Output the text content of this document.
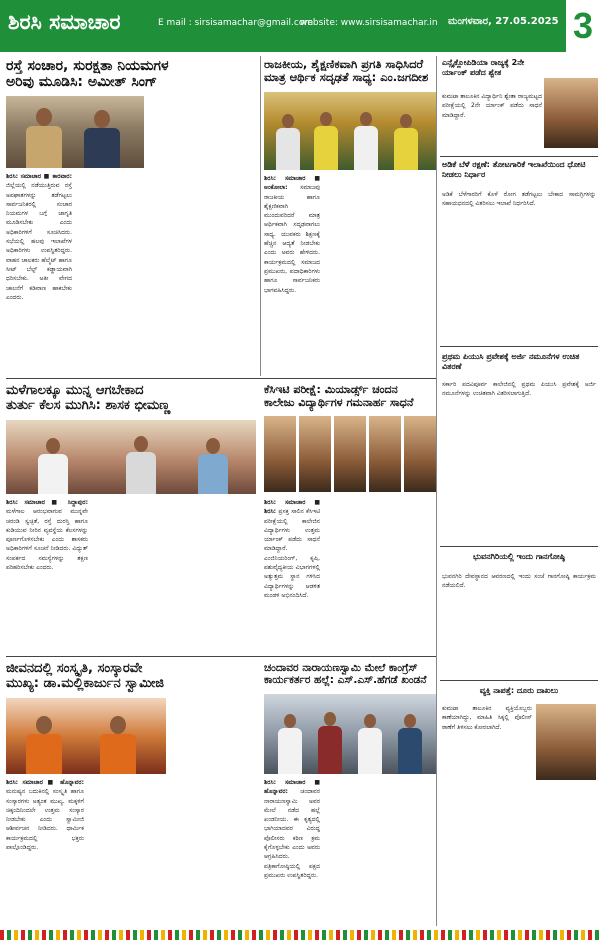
ಶಿರಸಿ ಸಮಾಚಾರ	E mail : sirsisamachar@gmail.com
website: www.sirsisamachar.in ಮಂಗಳವಾರ, 27.05.2025 3
ರಸ್ತೆ ಸಂಚಾರ, ಸುರಕ್ಷತಾ ನಿಯಮಗಳ
ಅರಿವು ಮೂಡಿಸಿ: ಅಮೀತ್ ಸಿಂಗ್
ಶಿರಸಿ: ಸಮಾಚಾರ ■ ಕಾರವಾರ: ಜಿಲ್ಲೆಯಲ್ಲಿ ನಡೆಯುತ್ತಿರುವ ರಸ್ತೆ ಅಪಘಾತಗಳನ್ನು ತಡೆಗಟ್ಟಲು ಸಾರ್ವಜನಿಕರಲ್ಲಿ ಸಂಚಾರ ನಿಯಮಗಳ ಬಗ್ಗೆ ಜಾಗೃತಿ ಮೂಡಿಸಬೇಕು ಎಂದು ಅಧಿಕಾರಿಗಳಿಗೆ ಸೂಚಿಸಿದರು. ಸಭೆಯಲ್ಲಿ ಹಲವು ಇಲಾಖೆಗಳ ಅಧಿಕಾರಿಗಳು ಉಪಸ್ಥಿತರಿದ್ದರು. ವಾಹನ ಚಾಲಕರು ಹೆಲ್ಮೆಟ್ ಹಾಗೂ ಸೀಟ್ ಬೆಲ್ಟ್ ಕಡ್ಡಾಯವಾಗಿ ಧರಿಸಬೇಕು. ಅತೀ ವೇಗದ ಚಾಲನೆಗೆ ಕಡಿವಾಣ ಹಾಕಬೇಕು ಎಂದರು.
ರಾಜಕೀಯ, ಶೈಕ್ಷಣಿಕವಾಗಿ ಪ್ರಗತಿ ಸಾಧಿಸಿದರೆ ಮಾತ್ರ ಆರ್ಥಿಕ ಸದೃಢತೆ ಸಾಧ್ಯ: ಎಂ.ಜಗದೀಶ
ಶಿರಸಿ: ಸಮಾಚಾರ ■ ಅಂಕೋಲಾ: ಸಮಾಜವು ರಾಜಕೀಯ ಹಾಗೂ ಶೈಕ್ಷಣಿಕವಾಗಿ ಮುಂದುವರಿದರೆ ಮಾತ್ರ ಆರ್ಥಿಕವಾಗಿ ಸದೃಢವಾಗಲು ಸಾಧ್ಯ. ಯುವಕರು ಶಿಕ್ಷಣಕ್ಕೆ ಹೆಚ್ಚಿನ ಆದ್ಯತೆ ನೀಡಬೇಕು ಎಂದು ಅವರು ಹೇಳಿದರು. ಕಾರ್ಯಕ್ರಮದಲ್ಲಿ ಸಮಾಜದ ಪ್ರಮುಖರು, ಪದಾಧಿಕಾರಿಗಳು ಹಾಗೂ ಸಾರ್ವಜನಿಕರು ಭಾಗವಹಿಸಿದ್ದರು.
ಮಳೆಗಾಲಕ್ಕೂ ಮುನ್ನ ಆಗಬೇಕಾದ
ತುರ್ತು ಕೆಲಸ ಮುಗಿಸಿ: ಶಾಸಕ ಭೀಮಣ್ಣ
ಶಿರಸಿ: ಸಮಾಚಾರ ■ ಸಿದ್ದಾಪುರ: ಮಳೆಗಾಲ ಆರಂಭವಾಗುವ ಮುನ್ನವೇ ಚರಂಡಿ ಸ್ವಚ್ಛತೆ, ರಸ್ತೆ ದುರಸ್ತಿ ಹಾಗೂ ಕುಡಿಯುವ ನೀರಿನ ವ್ಯವಸ್ಥೆಯ ಕೆಲಸಗಳನ್ನು ಪೂರ್ಣಗೊಳಿಸಬೇಕು ಎಂದು ಶಾಸಕರು ಅಧಿಕಾರಿಗಳಿಗೆ ಸೂಚನೆ ನೀಡಿದರು. ವಿದ್ಯುತ್ ಸಂಪರ್ಕದ ಸಮಸ್ಯೆಗಳನ್ನು ತಕ್ಷಣ ಪರಿಹರಿಸಬೇಕು ಎಂದರು.
ಕೆಸಿಇಟಿ ಪರೀಕ್ಷೆ: ಮಿಯಾರ್ಡ್ಸ್ ಚಂದನ
ಕಾಲೇಜು ವಿದ್ಯಾರ್ಥಿಗಳ ಗಮನಾರ್ಹ ಸಾಧನೆ
ಶಿರಸಿ: ಸಮಾಚಾರ ■ ಶಿರಸಿ: ಪ್ರಸಕ್ತ ಸಾಲಿನ ಕೆಸಿಇಟಿ ಪರೀಕ್ಷೆಯಲ್ಲಿ ಕಾಲೇಜಿನ ವಿದ್ಯಾರ್ಥಿಗಳು ಉತ್ತಮ ರ್ಯಾಂಕ್ ಪಡೆದು ಸಾಧನೆ ಮಾಡಿದ್ದಾರೆ. ಎಂಜಿನಿಯರಿಂಗ್, ಕೃಷಿ, ಪಶುವೈದ್ಯಕೀಯ ವಿಭಾಗಗಳಲ್ಲಿ ಅತ್ಯುತ್ತಮ ಸ್ಥಾನ ಗಳಿಸಿದ ವಿದ್ಯಾರ್ಥಿಗಳನ್ನು ಆಡಳಿತ ಮಂಡಳಿ ಅಭಿನಂದಿಸಿದೆ.
ಜೀವನದಲ್ಲಿ ಸಂಸ್ಕೃತಿ, ಸಂಸ್ಕಾರವೇ
ಮುಖ್ಯ: ಡಾ.ಮಲ್ಲಿಕಾರ್ಜುನ ಸ್ವಾಮೀಜಿ
ಶಿರಸಿ: ಸಮಾಚಾರ ■ ಹೊನ್ನಾವರ: ಮನುಷ್ಯನ ಬದುಕಿನಲ್ಲಿ ಸಂಸ್ಕೃತಿ ಹಾಗೂ ಸಂಸ್ಕಾರಗಳು ಅತ್ಯಂತ ಮುಖ್ಯ. ಮಕ್ಕಳಿಗೆ ಚಿಕ್ಕಂದಿನಿಂದಲೇ ಉತ್ತಮ ಸಂಸ್ಕಾರ ನೀಡಬೇಕು ಎಂದು ಸ್ವಾಮೀಜಿ ಆಶೀರ್ವಚನ ನೀಡಿದರು. ಧಾರ್ಮಿಕ ಕಾರ್ಯಕ್ರಮದಲ್ಲಿ ಭಕ್ತರು ಪಾಲ್ಗೊಂಡಿದ್ದರು.
ಚಂದಾವರ ನಾರಾಯಣಸ್ವಾಮಿ ಮೇಲೆ ಕಾಂಗ್ರೆಸ್
ಕಾರ್ಯಕರ್ತರ ಹಲ್ಲೆ: ಎಸ್.ಎಸ್.ಹೆಗಡೆ ಖಂಡನೆ
ಶಿರಸಿ: ಸಮಾಚಾರ ■ ಹೊನ್ನಾವರ: ಚಂದಾವರ ನಾರಾಯಣಸ್ವಾಮಿ ಅವರ ಮೇಲೆ ನಡೆದ ಹಲ್ಲೆ ಖಂಡನೀಯ. ಈ ಕೃತ್ಯದಲ್ಲಿ ಭಾಗಿಯಾದವರ ವಿರುದ್ಧ ಪೊಲೀಸರು ಕಠಿಣ ಕ್ರಮ ಕೈಗೊಳ್ಳಬೇಕು ಎಂದು ಅವರು ಆಗ್ರಹಿಸಿದರು. ಪತ್ರಿಕಾಗೋಷ್ಠಿಯಲ್ಲಿ ಪಕ್ಷದ ಪ್ರಮುಖರು ಉಪಸ್ಥಿತರಿದ್ದರು.
ಎನ್ಸೈಕ್ಲೋಪಿಡಿಯಾ ರಾಜ್ಯಕ್ಕೆ 2ನೇ ರ್ಯಾಂಕ್ ಪಡೆದ ಶ್ವೇತ
ಕುಮಟಾ ತಾಲೂಕಿನ ವಿದ್ಯಾರ್ಥಿನಿ ಶ್ವೇತಾ ರಾಜ್ಯಮಟ್ಟದ ಪರೀಕ್ಷೆಯಲ್ಲಿ 2ನೇ ರ್ಯಾಂಕ್ ಪಡೆದು ಸಾಧನೆ ಮಾಡಿದ್ದಾರೆ.
ಅಡಿಕೆ ಬೆಳೆ ರಕ್ಷಣೆ: ತೋಟಗಾರಿಕೆ ಇಲಾಖೆಯಿಂದ ಧೋಟಿ ನೀಡಲು ನಿರ್ಧಾರ
ಅಡಿಕೆ ಬೆಳೆಗಾರರಿಗೆ ಕೊಳೆ ರೋಗ ತಡೆಗಟ್ಟಲು ಬೇಕಾದ ಸಾಮಗ್ರಿಗಳನ್ನು ಸಹಾಯಧನದಲ್ಲಿ ವಿತರಿಸಲು ಇಲಾಖೆ ನಿರ್ಧರಿಸಿದೆ.
ಪ್ರಥಮ ಪಿಯುಸಿ ಪ್ರವೇಶಕ್ಕೆ ಅರ್ಜಿ ನಮೂನೆಗಳ ಉಚಿತ ವಿತರಣೆ
ಸರ್ಕಾರಿ ಪದವಿಪೂರ್ವ ಕಾಲೇಜಿನಲ್ಲಿ ಪ್ರಥಮ ಪಿಯುಸಿ ಪ್ರವೇಶಕ್ಕೆ ಅರ್ಜಿ ನಮೂನೆಗಳನ್ನು ಉಚಿತವಾಗಿ ವಿತರಿಸಲಾಗುತ್ತಿದೆ.
ಭುವನಗಿರಿಯಲ್ಲಿ ಇಂದು ಗಾನಗೋಷ್ಠಿ
ಭುವನಗಿರಿ ದೇವಸ್ಥಾನದ ಆವರಣದಲ್ಲಿ ಇಂದು ಸಂಜೆ ಗಾನಗೋಷ್ಠಿ ಕಾರ್ಯಕ್ರಮ ನಡೆಯಲಿದೆ.
ವ್ಯಕ್ತಿ ನಾಪತ್ತೆ: ದೂರು ದಾಖಲು
ಕುಮಟಾ ತಾಲೂಕಿನ ವ್ಯಕ್ತಿಯೊಬ್ಬರು ಕಾಣೆಯಾಗಿದ್ದು, ಮಾಹಿತಿ ಸಿಕ್ಕಲ್ಲಿ ಪೊಲೀಸ್ ಠಾಣೆಗೆ ತಿಳಿಸಲು ಕೋರಲಾಗಿದೆ.
